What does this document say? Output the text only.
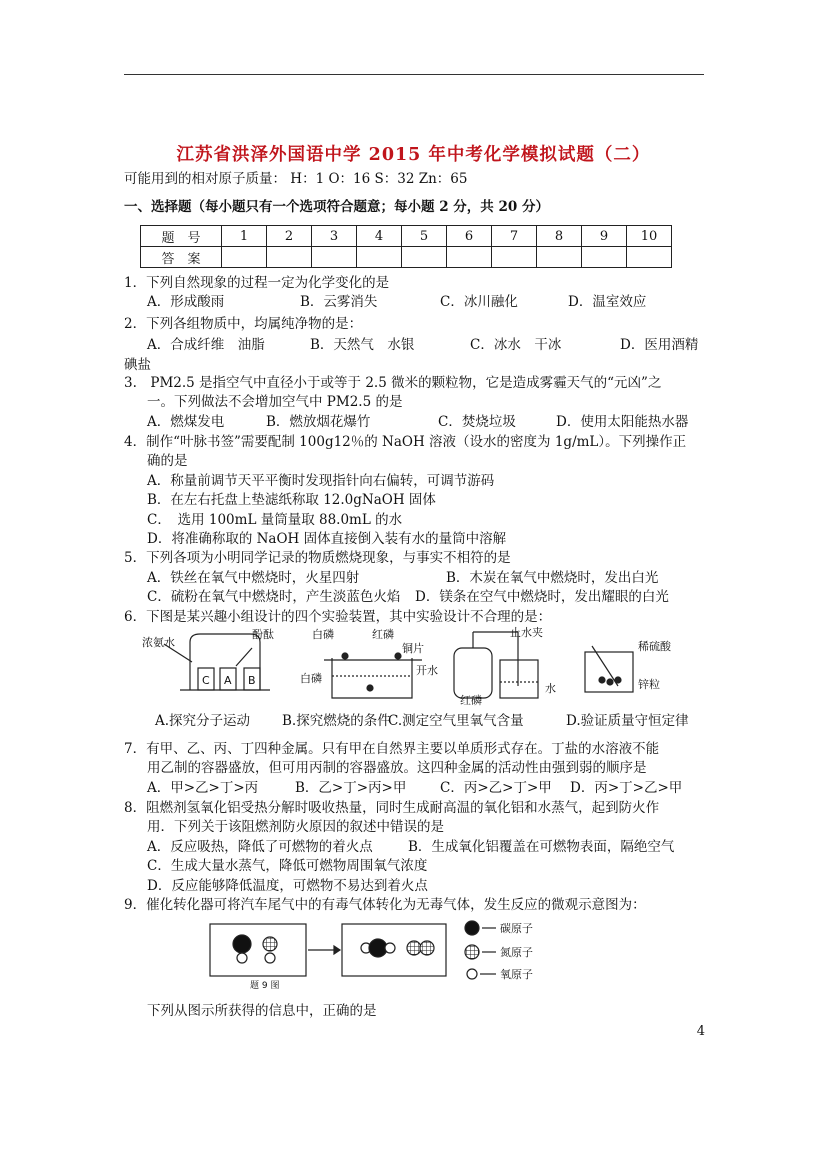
江苏省洪泽外国语中学 2015 年中考化学模拟试题（二）
可能用到的相对原子质量： H：1 O：16 S：32 Zn：65
一、选择题（每小题只有一个选项符合题意；每小题 2 分，共 20 分）
题　号	1	2	3	4	5	6	7	8	9	10
答　案										
1．下列自然现象的过程一定为化学变化的是
A．形成酸雨	B．云雾消失	C．冰川融化	D．温室效应
2．下列各组物质中，均属纯净物的是：
A．合成纤维　油脂	B．天然气　水银	C．冰水　干冰	D．医用酒精
碘盐
3.　PM2.5 是指空气中直径小于或等于 2.5 微米的颗粒物，它是造成雾霾天气的“元凶”之
一。下列做法不会增加空气中 PM2.5 的是
A．燃煤发电	B．燃放烟花爆竹	C．焚烧垃圾	D．使用太阳能热水器
4．制作“叶脉书签”需要配制 100g12％的 NaOH 溶液（设水的密度为 1g/mL）。下列操作正
确的是
A．称量前调节天平平衡时发现指针向右偏转，可调节游码
B．在左右托盘上垫滤纸称取 12.0gNaOH 固体
C．　选用 100mL 量筒量取 88.0mL 的水
D．将准确称取的 NaOH 固体直接倒入装有水的量筒中溶解
5．下列各项为小明同学记录的物质燃烧现象，与事实不相符的是
A．铁丝在氧气中燃烧时，火星四射	B．木炭在氧气中燃烧时，发出白光
C．硫粉在氧气中燃烧时，产生淡蓝色火焰 D．镁条在空气中燃烧时，发出耀眼的白光
6．下图是某兴趣小组设计的四个实验装置，其中实验设计不合理的是：
浓氨水
酚酞
C A B
白磷	红磷
铜片
白磷
开水
止水夹
红磷
水
稀硫酸
锌粒
A.探究分子运动 B.探究燃烧的条件
C.测定空气里氧气含量	D.验证质量守恒定律
7．有甲、乙、丙、丁四种金属。只有甲在自然界主要以单质形式存在。丁盐的水溶液不能
用乙制的容器盛放，但可用丙制的容器盛放。这四种金属的活动性由强到弱的顺序是
A．甲>乙>丁>丙	B．乙>丁>丙>甲 C．丙>乙>丁>甲 D．丙>丁>乙>甲
8．阻燃剂氢氧化铝受热分解时吸收热量，同时生成耐高温的氧化铝和水蒸气，起到防火作
用．下列关于该阻燃剂防火原因的叙述中错误的是
A．反应吸热，降低了可燃物的着火点	B．生成氧化铝覆盖在可燃物表面，隔绝空气
C．生成大量水蒸气，降低可燃物周围氧气浓度
D．反应能够降低温度，可燃物不易达到着火点
9．催化转化器可将汽车尾气中的有毒气体转化为无毒气体，发生反应的微观示意图为：
碳原子
氮原子
氧原子
题 9 图
下列从图示所获得的信息中，正确的是
4
